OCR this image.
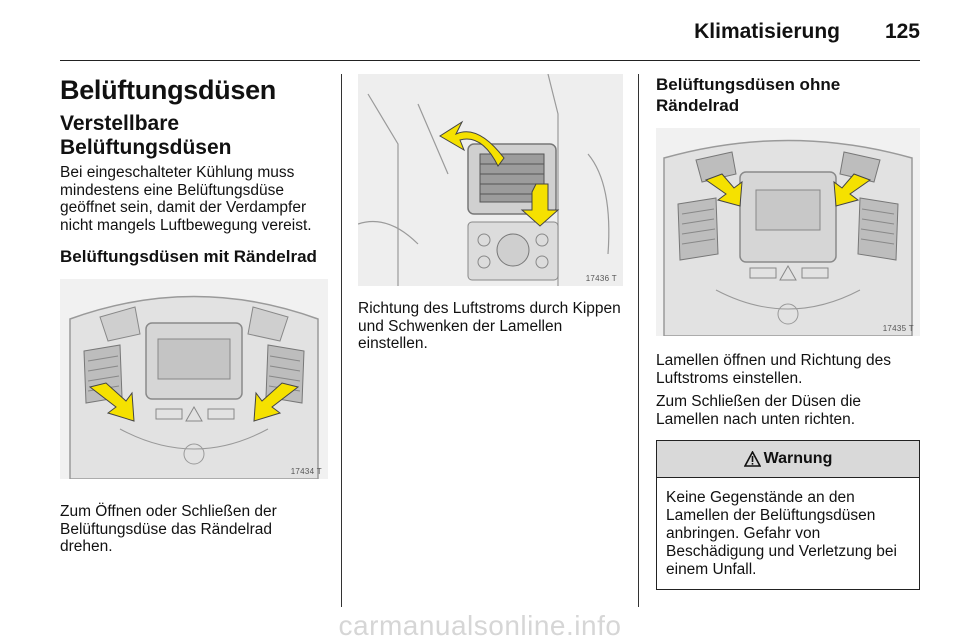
Klimatisierung 125
Belüftungsdüsen
Verstellbare Belüftungsdüsen

Bei eingeschalteter Kühlung muss mindestens eine Belüftungsdüse geöffnet sein, damit der Verdampfer nicht mangels Luftbewegung vereist.

Belüftungsdüsen mit Rändelrad
17434 T

Zum Öffnen oder Schließen der Belüftungsdüse das Rändelrad drehen.

17436 T

Richtung des Luftstroms durch Kippen und Schwenken der Lamellen einstellen.

Belüftungsdüsen ohne Rändelrad
17435 T

Lamellen öffnen und Richtung des Luftstroms einstellen.

Zum Schließen der Düsen die Lamellen nach unten richten.

Warnung

Keine Gegenstände an den Lamellen der Belüftungsdüsen anbringen. Gefahr von Beschädigung und Verletzung bei einem Unfall.

carmanualsonline.info
